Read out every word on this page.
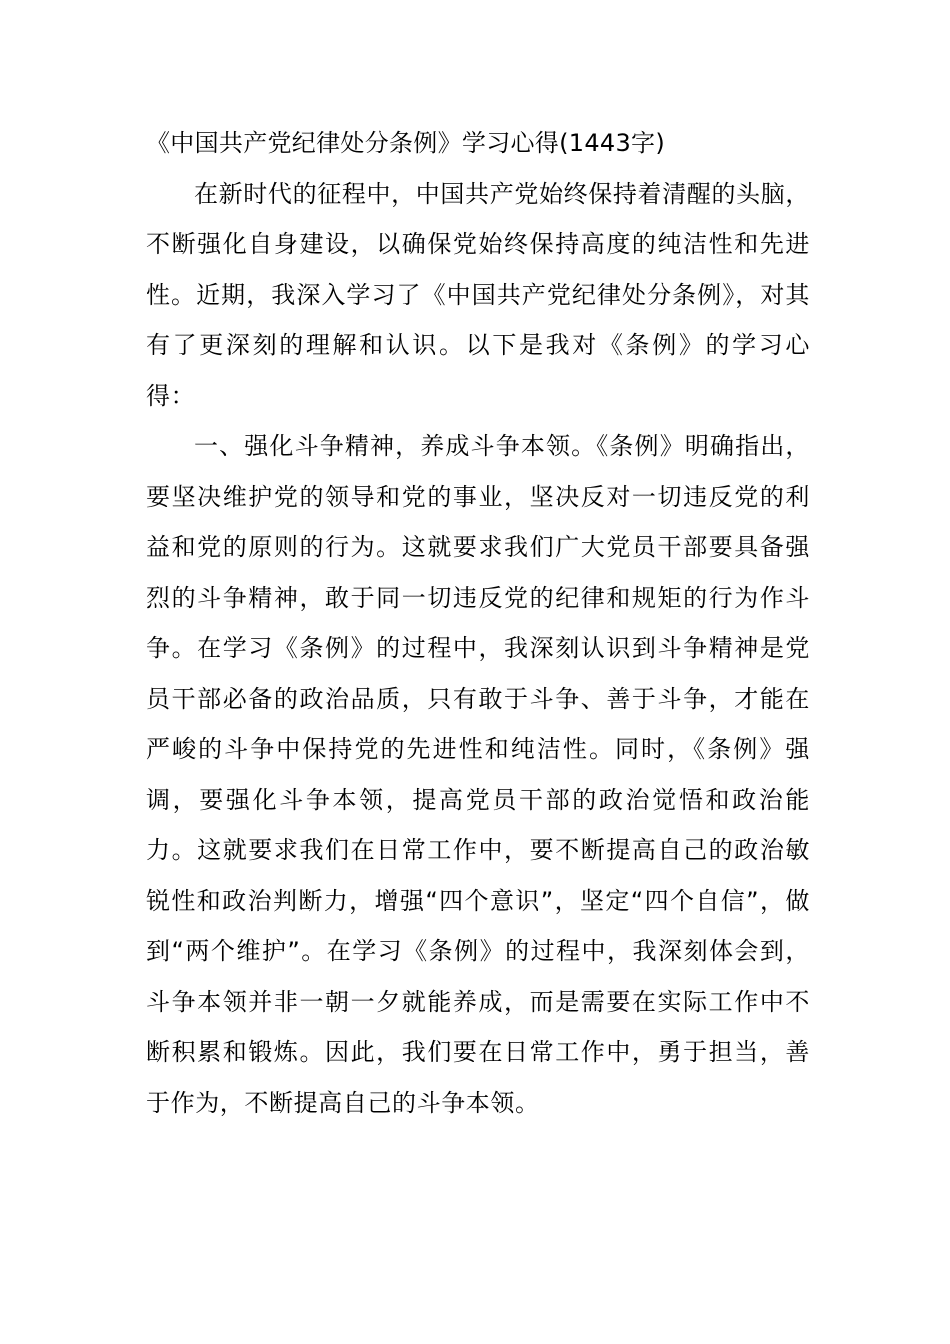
《中国共产党纪律处分条例》学习心得(1443字)

在新时代的征程中，中国共产党始终保持着清醒的头脑，不断强化自身建设，以确保党始终保持高度的纯洁性和先进性。近期，我深入学习了《中国共产党纪律处分条例》，对其有了更深刻的理解和认识。以下是我对《条例》的学习心得：

一、强化斗争精神，养成斗争本领。《条例》明确指出，要坚决维护党的领导和党的事业，坚决反对一切违反党的利益和党的原则的行为。这就要求我们广大党员干部要具备强烈的斗争精神，敢于同一切违反党的纪律和规矩的行为作斗争。在学习《条例》的过程中，我深刻认识到斗争精神是党员干部必备的政治品质，只有敢于斗争、善于斗争，才能在严峻的斗争中保持党的先进性和纯洁性。同时，《条例》强调，要强化斗争本领，提高党员干部的政治觉悟和政治能力。这就要求我们在日常工作中，要不断提高自己的政治敏锐性和政治判断力，增强“四个意识”，坚定“四个自信”，做到“两个维护”。在学习《条例》的过程中，我深刻体会到，斗争本领并非一朝一夕就能养成，而是需要在实际工作中不断积累和锻炼。因此，我们要在日常工作中，勇于担当，善于作为，不断提高自己的斗争本领。
